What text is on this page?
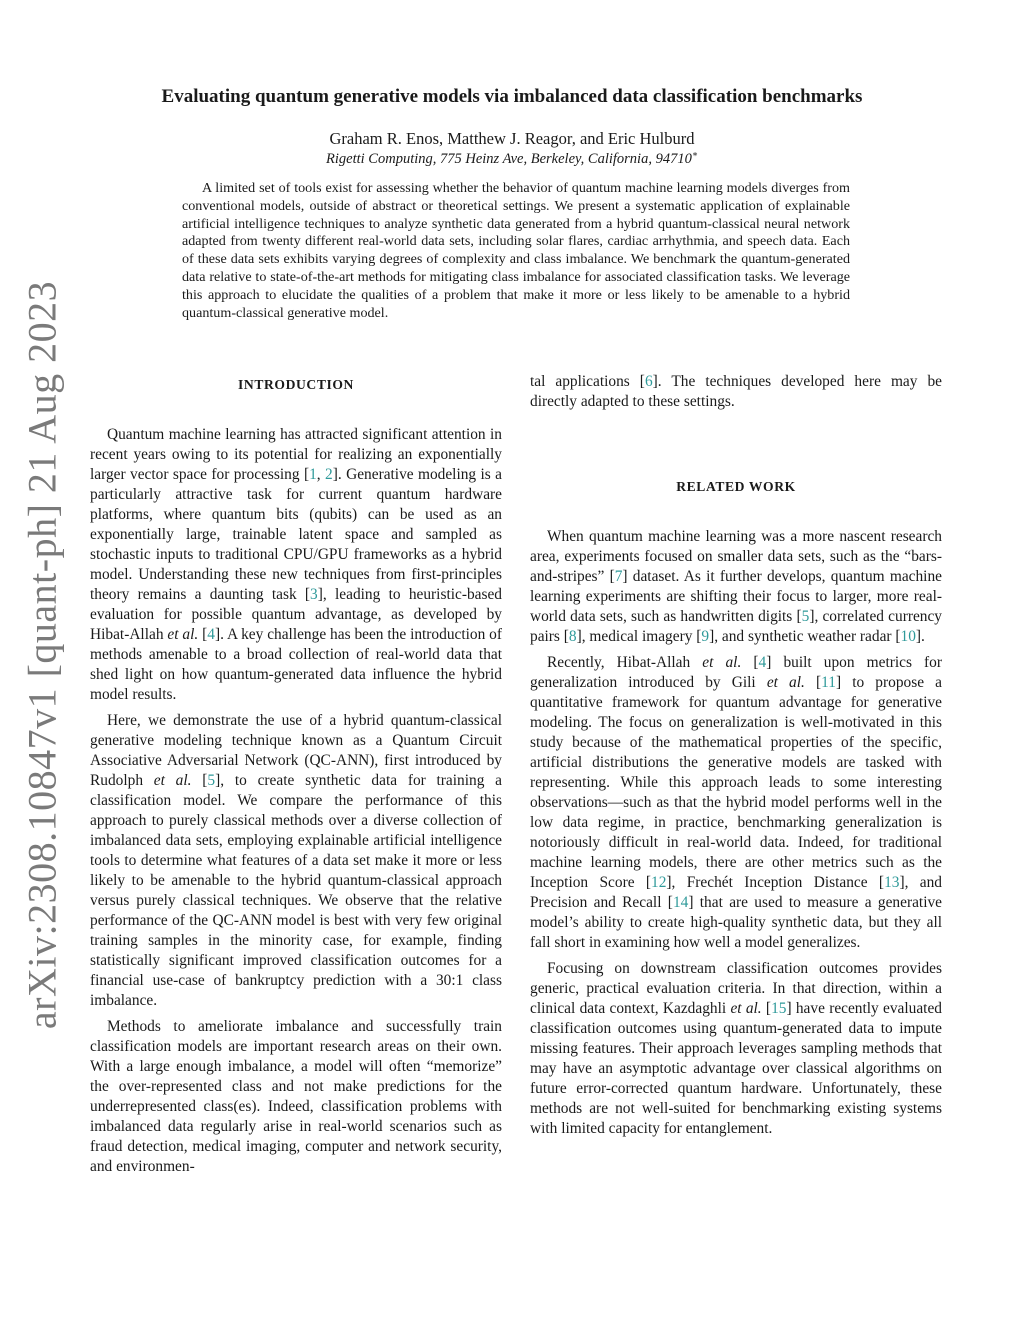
arXiv:2308.10847v1 [quant-ph] 21 Aug 2023
Evaluating quantum generative models via imbalanced data classification benchmarks
Graham R. Enos, Matthew J. Reagor, and Eric Hulburd
Rigetti Computing, 775 Heinz Ave, Berkeley, California, 94710∗

A limited set of tools exist for assessing whether the behavior of quantum machine learning models diverges from conventional models, outside of abstract or theoretical settings. We present a systematic application of explainable artificial intelligence techniques to analyze synthetic data generated from a hybrid quantum-classical neural network adapted from twenty different real-world data sets, including solar flares, cardiac arrhythmia, and speech data. Each of these data sets exhibits varying degrees of complexity and class imbalance. We benchmark the quantum-generated data relative to state-of-the-art methods for mitigating class imbalance for associated classification tasks. We leverage this approach to elucidate the qualities of a problem that make it more or less likely to be amenable to a hybrid quantum-classical generative model.

INTRODUCTION

Quantum machine learning has attracted significant attention in recent years owing to its potential for realizing an exponentially larger vector space for processing [1, 2]. Generative modeling is a particularly attractive task for current quantum hardware platforms, where quantum bits (qubits) can be used as an exponentially large, trainable latent space and sampled as stochastic inputs to traditional CPU/GPU frameworks as a hybrid model. Understanding these new techniques from first-principles theory remains a daunting task [3], leading to heuristic-based evaluation for possible quantum advantage, as developed by Hibat-Allah et al. [4]. A key challenge has been the introduction of methods amenable to a broad collection of real-world data that shed light on how quantum-generated data influence the hybrid model results.

Here, we demonstrate the use of a hybrid quantum-classical generative modeling technique known as a Quantum Circuit Associative Adversarial Network (QC-ANN), first introduced by Rudolph et al. [5], to create synthetic data for training a classification model. We compare the performance of this approach to purely classical methods over a diverse collection of imbalanced data sets, employing explainable artificial intelligence tools to determine what features of a data set make it more or less likely to be amenable to the hybrid quantum-classical approach versus purely classical techniques. We observe that the relative performance of the QC-ANN model is best with very few original training samples in the minority case, for example, finding statistically significant improved classification outcomes for a financial use-case of bankruptcy prediction with a 30:1 class imbalance.

Methods to ameliorate imbalance and successfully train classification models are important research areas on their own. With a large enough imbalance, a model will often “memorize” the over-represented class and not make predictions for the underrepresented class(es). Indeed, classification problems with imbalanced data regularly arise in real-world scenarios such as fraud detection, medical imaging, computer and network security, and environmen-

tal applications [6]. The techniques developed here may be directly adapted to these settings.

RELATED WORK

When quantum machine learning was a more nascent research area, experiments focused on smaller data sets, such as the “bars-and-stripes” [7] dataset. As it further develops, quantum machine learning experiments are shifting their focus to larger, more real-world data sets, such as handwritten digits [5], correlated currency pairs [8], medical imagery [9], and synthetic weather radar [10].

Recently, Hibat-Allah et al. [4] built upon metrics for generalization introduced by Gili et al. [11] to propose a quantitative framework for quantum advantage for generative modeling. The focus on generalization is well-motivated in this study because of the mathematical properties of the specific, artificial distributions the generative models are tasked with representing. While this approach leads to some interesting observations—such as that the hybrid model performs well in the low data regime, in practice, benchmarking generalization is notoriously difficult in real-world data. Indeed, for traditional machine learning models, there are other metrics such as the Inception Score [12], Frechét Inception Distance [13], and Precision and Recall [14] that are used to measure a generative model’s ability to create high-quality synthetic data, but they all fall short in examining how well a model generalizes.

Focusing on downstream classification outcomes provides generic, practical evaluation criteria. In that direction, within a clinical data context, Kazdaghli et al. [15] have recently evaluated classification outcomes using quantum-generated data to impute missing features. Their approach leverages sampling methods that may have an asymptotic advantage over classical algorithms on future error-corrected quantum hardware. Unfortunately, these methods are not well-suited for benchmarking existing systems with limited capacity for entanglement.
